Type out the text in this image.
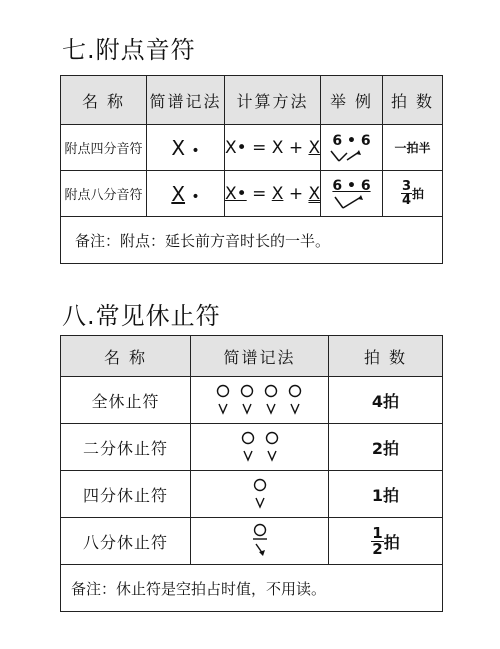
七.附点音符
名 称	简谱记法	计算方法	举 例	拍 数
附点四分音符	X •	X• = X + X	6 • 6	一拍半
附点八分音符	X •	X• = X + X	6 • 6	$\frac{3}{4}$ 拍
备注：附点：延长前方音时长的一半。				
八.常见休止符
名 称	简谱记法	拍 数
全休止符		4拍
二分休止符		2拍
四分休止符		1拍
八分休止符		$\frac{1}{2}$ 拍
备注：休止符是空拍占时值，不用读。		
